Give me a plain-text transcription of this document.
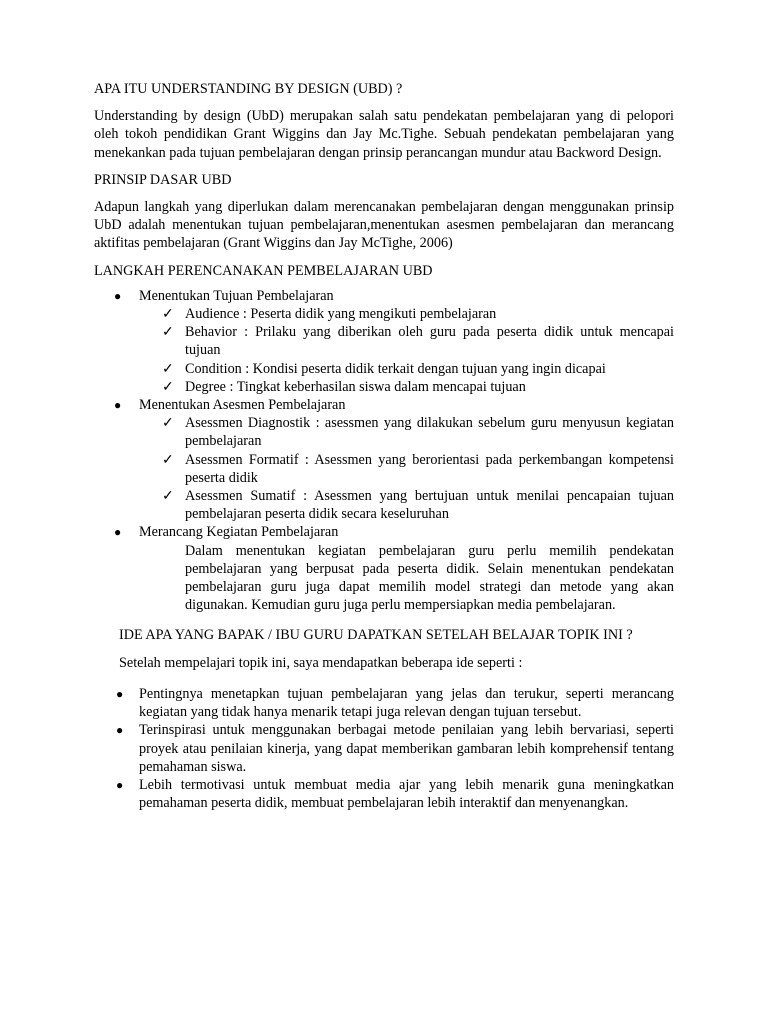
APA ITU UNDERSTANDING BY DESIGN (UBD) ?

Understanding by design (UbD) merupakan salah satu pendekatan pembelajaran yang di pelopori oleh tokoh pendidikan Grant Wiggins dan Jay Mc.Tighe. Sebuah pendekatan pembelajaran yang menekankan pada tujuan pembelajaran dengan prinsip perancangan mundur atau Backword Design.

PRINSIP DASAR UBD

Adapun langkah yang diperlukan dalam merencanakan pembelajaran dengan menggunakan prinsip UbD adalah menentukan tujuan pembelajaran,menentukan asesmen pembelajaran dan merancang aktifitas pembelajaran (Grant Wiggins dan Jay McTighe, 2006)

LANGKAH PERENCANAKAN PEMBELAJARAN UBD

● Menentukan Tujuan Pembelajaran
✓ Audience : Peserta didik yang mengikuti pembelajaran
✓ Behavior : Prilaku yang diberikan oleh guru pada peserta didik untuk mencapai tujuan
✓ Condition : Kondisi peserta didik terkait dengan tujuan yang ingin dicapai
✓ Degree : Tingkat keberhasilan siswa dalam mencapai tujuan
● Menentukan Asesmen Pembelajaran
✓ Asessmen Diagnostik : asessmen yang dilakukan sebelum guru menyusun kegiatan pembelajaran
✓ Asessmen Formatif : Asessmen yang berorientasi pada perkembangan kompetensi peserta didik
✓ Asessmen Sumatif : Asessmen yang bertujuan untuk menilai pencapaian tujuan pembelajaran peserta didik secara keseluruhan
● Merancang Kegiatan Pembelajaran
Dalam menentukan kegiatan pembelajaran guru perlu memilih pendekatan pembelajaran yang berpusat pada peserta didik. Selain menentukan pendekatan pembelajaran guru juga dapat memilih model strategi dan metode yang akan digunakan. Kemudian guru juga perlu mempersiapkan media pembelajaran.

IDE APA YANG BAPAK / IBU GURU DAPATKAN SETELAH BELAJAR TOPIK INI ?

Setelah mempelajari topik ini, saya mendapatkan beberapa ide seperti :

● Pentingnya menetapkan tujuan pembelajaran yang jelas dan terukur, seperti merancang kegiatan yang tidak hanya menarik tetapi juga relevan dengan tujuan tersebut.
● Terinspirasi untuk menggunakan berbagai metode penilaian yang lebih bervariasi, seperti proyek atau penilaian kinerja, yang dapat memberikan gambaran lebih komprehensif tentang pemahaman siswa.
● Lebih termotivasi untuk membuat media ajar yang lebih menarik guna meningkatkan pemahaman peserta didik, membuat pembelajaran lebih interaktif dan menyenangkan.
